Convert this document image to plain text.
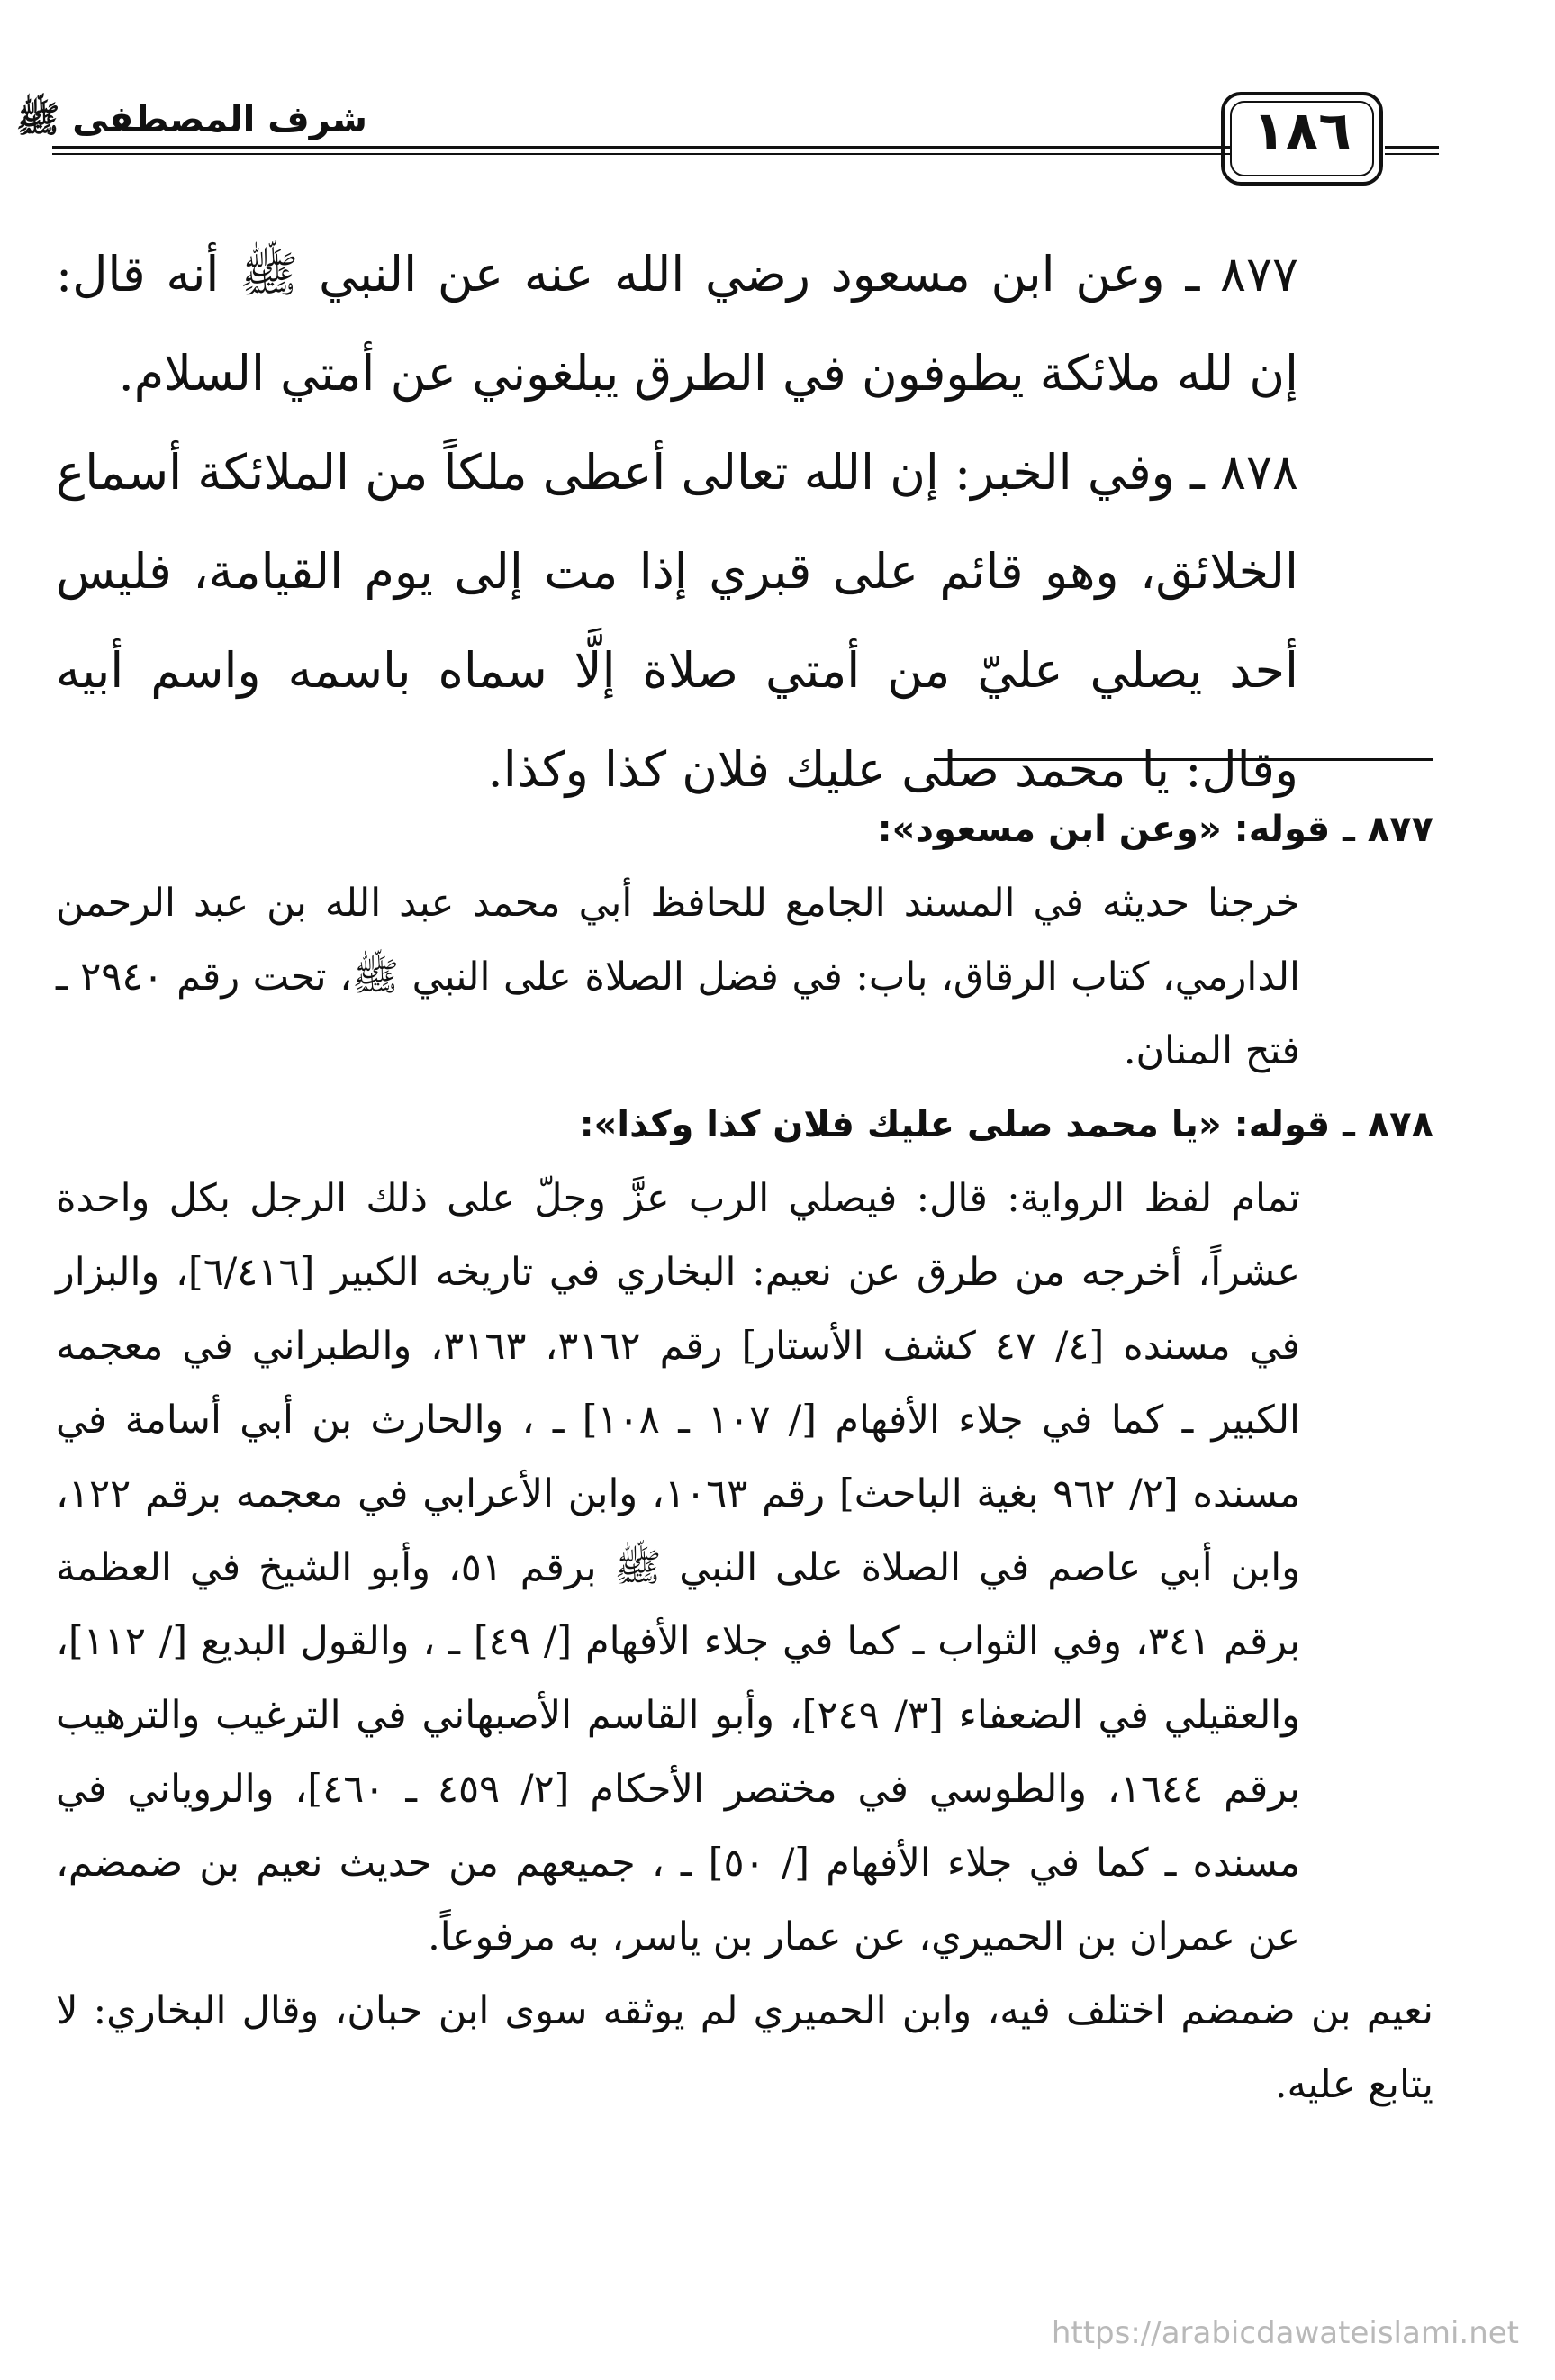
شرف المصطفى ﷺ	١٨٦

٨٧٧ ـ وعن ابن مسعود رضي الله عنه عن النبي ﷺ أنه قال: إن لله ملائكة يطوفون في الطرق يبلغوني عن أمتي السلام.

٨٧٨ ـ وفي الخبر: إن الله تعالى أعطى ملكاً من الملائكة أسماع الخلائق، وهو قائم على قبري إذا مت إلى يوم القيامة، فليس أحد يصلي عليّ من أمتي صلاة إلَّا سماه باسمه واسم أبيه وقال: يا محمد صلى عليك فلان كذا وكذا.

٨٧٧ ـ قوله: «وعن ابن مسعود»:

خرجنا حديثه في المسند الجامع للحافظ أبي محمد عبد الله بن عبد الرحمن الدارمي، كتاب الرقاق، باب: في فضل الصلاة على النبي ﷺ، تحت رقم ٢٩٤٠ ـ فتح المنان.

٨٧٨ ـ قوله: «يا محمد صلى عليك فلان كذا وكذا»:

تمام لفظ الرواية: قال: فيصلي الرب عزَّ وجلّ على ذلك الرجل بكل واحدة عشراً، أخرجه من طرق عن نعيم: البخاري في تاريخه الكبير [٦/٤١٦]، والبزار في مسنده [٤/ ٤٧ كشف الأستار] رقم ٣١٦٢، ٣١٦٣، والطبراني في معجمه الكبير ـ كما في جلاء الأفهام [/ ١٠٧ ـ ١٠٨] ـ ، والحارث بن أبي أسامة في مسنده [٢/ ٩٦٢ بغية الباحث] رقم ١٠٦٣، وابن الأعرابي في معجمه برقم ١٢٢، وابن أبي عاصم في الصلاة على النبي ﷺ برقم ٥١، وأبو الشيخ في العظمة برقم ٣٤١، وفي الثواب ـ كما في جلاء الأفهام [/ ٤٩] ـ ، والقول البديع [/ ١١٢]، والعقيلي في الضعفاء [٣/ ٢٤٩]، وأبو القاسم الأصبهاني في الترغيب والترهيب برقم ١٦٤٤، والطوسي في مختصر الأحكام [٢/ ٤٥٩ ـ ٤٦٠]، والروياني في مسنده ـ كما في جلاء الأفهام [/ ٥٠] ـ ، جميعهم من حديث نعيم بن ضمضم، عن عمران بن الحميري، عن عمار بن ياسر، به مرفوعاً.

نعيم بن ضمضم اختلف فيه، وابن الحميري لم يوثقه سوى ابن حبان، وقال البخاري: لا يتابع عليه.

https://arabicdawateislami.net
